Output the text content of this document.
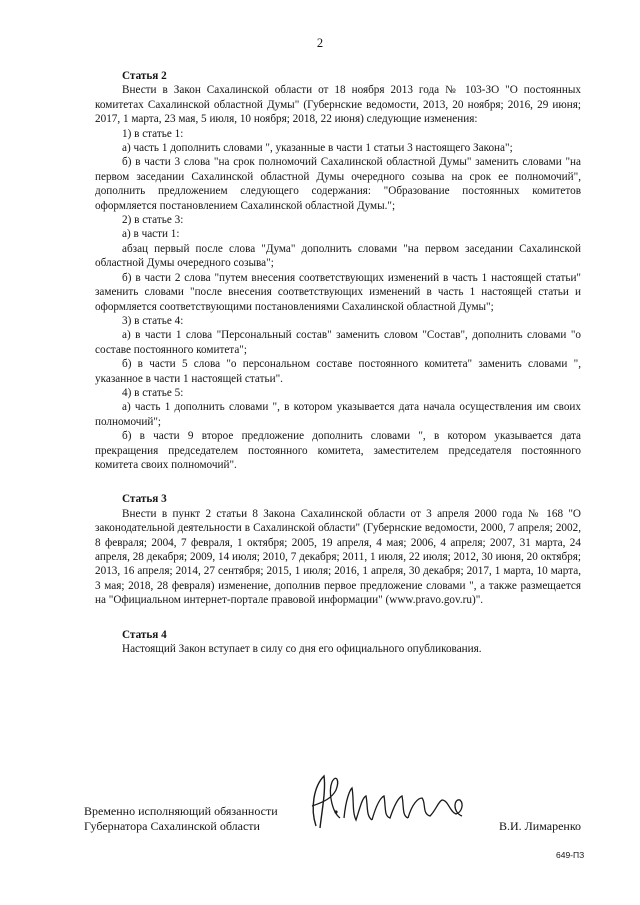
2

Статья 2

Внести в Закон Сахалинской области от 18 ноября 2013 года № 103-ЗО "О постоянных комитетах Сахалинской областной Думы" (Губернские ведомости, 2013, 20 ноября; 2016, 29 июня; 2017, 1 марта, 23 мая, 5 июля, 10 ноября; 2018, 22 июня) следующие изменения:

1) в статье 1:

а) часть 1 дополнить словами ", указанные в части 1 статьи 3 настоящего Закона";

б) в части 3 слова "на срок полномочий Сахалинской областной Думы" заменить словами "на первом заседании Сахалинской областной Думы очередного созыва на срок ее полномочий", дополнить предложением следующего содержания: "Образование постоянных комитетов оформляется постановлением Сахалинской областной Думы.";

2) в статье 3:

а) в части 1:

абзац первый после слова "Дума" дополнить словами "на первом заседании Сахалинской областной Думы очередного созыва";

б) в части 2 слова "путем внесения соответствующих изменений в часть 1 настоящей статьи" заменить словами "после внесения соответствующих изменений в часть 1 настоящей статьи и оформляется соответствующими постановлениями Сахалинской областной Думы";

3) в статье 4:

а) в части 1 слова "Персональный состав" заменить словом "Состав", дополнить словами "о составе постоянного комитета";

б) в части 5 слова "о персональном составе постоянного комитета" заменить словами ", указанное в части 1 настоящей статьи".

4) в статье 5:

а) часть 1 дополнить словами ", в котором указывается дата начала осуществления им своих полномочий";

б) в части 9 второе предложение дополнить словами ", в котором указывается дата прекращения председателем постоянного комитета, заместителем председателя постоянного комитета своих полномочий".

Статья 3

Внести в пункт 2 статьи 8 Закона Сахалинской области от 3 апреля 2000 года № 168 "О законодательной деятельности в Сахалинской области" (Губернские ведомости, 2000, 7 апреля; 2002, 8 февраля; 2004, 7 февраля, 1 октября; 2005, 19 апреля, 4 мая; 2006, 4 апреля; 2007, 31 марта, 24 апреля, 28 декабря; 2009, 14 июля; 2010, 7 декабря; 2011, 1 июля, 22 июля; 2012, 30 июня, 20 октября; 2013, 16 апреля; 2014, 27 сентября; 2015, 1 июля; 2016, 1 апреля, 30 декабря; 2017, 1 марта, 10 марта, 3 мая; 2018, 28 февраля) изменение, дополнив первое предложение словами ", а также размещается на "Официальном интернет-портале правовой информации" (www.pravo.gov.ru)".

Статья 4

Настоящий Закон вступает в силу со дня его официального опубликования.

Временно исполняющий обязанности
Губернатора Сахалинской области	В.И. Лимаренко
649-ПЗ
